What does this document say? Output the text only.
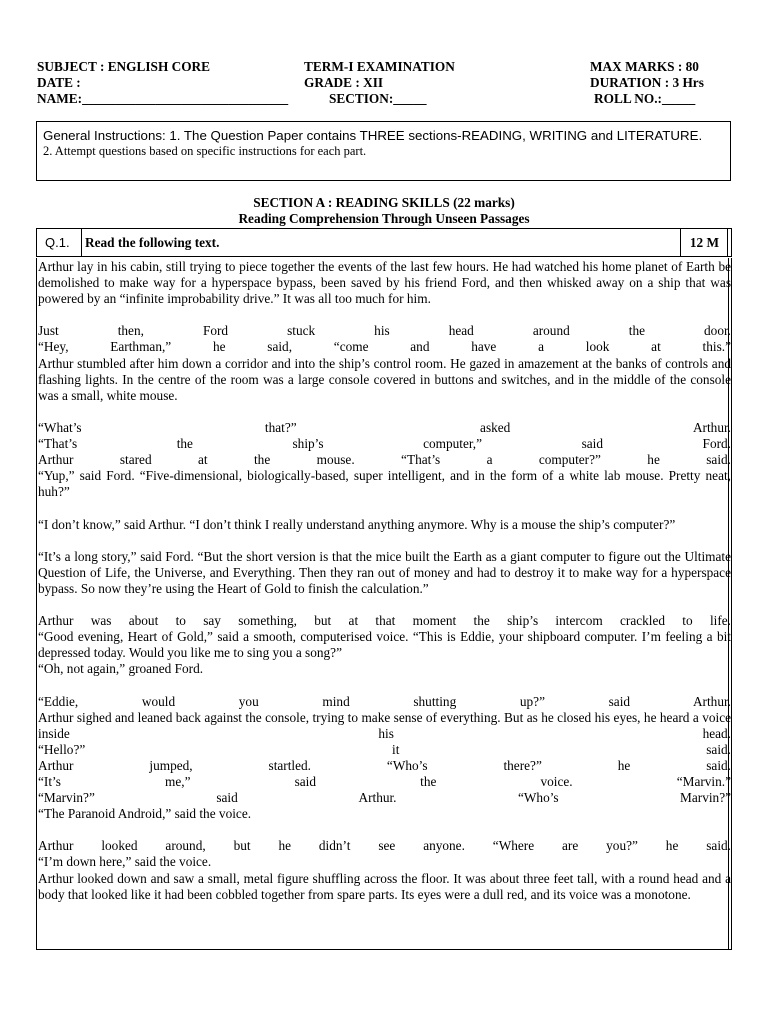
SUBJECT : ENGLISH CORE	TERM-I EXAMINATION	MAX MARKS : 80
DATE :	GRADE : XII	DURATION : 3 Hrs
NAME:_______________________________	SECTION:_____	ROLL NO.:_____
General Instructions: 1. The Question Paper contains THREE sections-READING, WRITING and LITERATURE.
2. Attempt questions based on specific instructions for each part.
SECTION A : READING SKILLS (22 marks)
Reading Comprehension Through Unseen Passages
Q.1.	Read the following text.	12 M

Arthur lay in his cabin, still trying to piece together the events of the last few hours. He had watched his home planet of Earth be demolished to make way for a hyperspace bypass, been saved by his friend Ford, and then whisked away on a ship that was powered by an “infinite improbability drive.” It was all too much for him.

Just then, Ford stuck his head around the door.

“Hey, Earthman,” he said, “come and have a look at this.”

Arthur stumbled after him down a corridor and into the ship’s control room. He gazed in amazement at the banks of controls and flashing lights. In the centre of the room was a large console covered in buttons and switches, and in the middle of the console was a small, white mouse.

“What’s that?” asked Arthur.

“That’s the ship’s computer,” said Ford.

Arthur stared at the mouse. “That’s a computer?” he said.

“Yup,” said Ford. “Five-dimensional, biologically-based, super intelligent, and in the form of a white lab mouse. Pretty neat, huh?”

“I don’t know,” said Arthur. “I don’t think I really understand anything anymore. Why is a mouse the ship’s computer?”

“It’s a long story,” said Ford. “But the short version is that the mice built the Earth as a giant computer to figure out the Ultimate Question of Life, the Universe, and Everything. Then they ran out of money and had to destroy it to make way for a hyperspace bypass. So now they’re using the Heart of Gold to finish the calculation.”

Arthur was about to say something, but at that moment the ship’s intercom crackled to life.

“Good evening, Heart of Gold,” said a smooth, computerised voice. “This is Eddie, your shipboard computer. I’m feeling a bit depressed today. Would you like me to sing you a song?”

“Oh, not again,” groaned Ford.

“Eddie, would you mind shutting up?” said Arthur.

Arthur sighed and leaned back against the console, trying to make sense of everything. But as he closed his eyes, he heard a voice inside his head.

“Hello?” it said.

Arthur jumped, startled. “Who’s there?” he said.

“It’s me,” said the voice. “Marvin.”

“Marvin?” said Arthur. “Who’s Marvin?”

“The Paranoid Android,” said the voice.

Arthur looked around, but he didn’t see anyone. “Where are you?” he said.

“I’m down here,” said the voice.

Arthur looked down and saw a small, metal figure shuffling across the floor. It was about three feet tall, with a round head and a body that looked like it had been cobbled together from spare parts. Its eyes were a dull red, and its voice was a monotone.
